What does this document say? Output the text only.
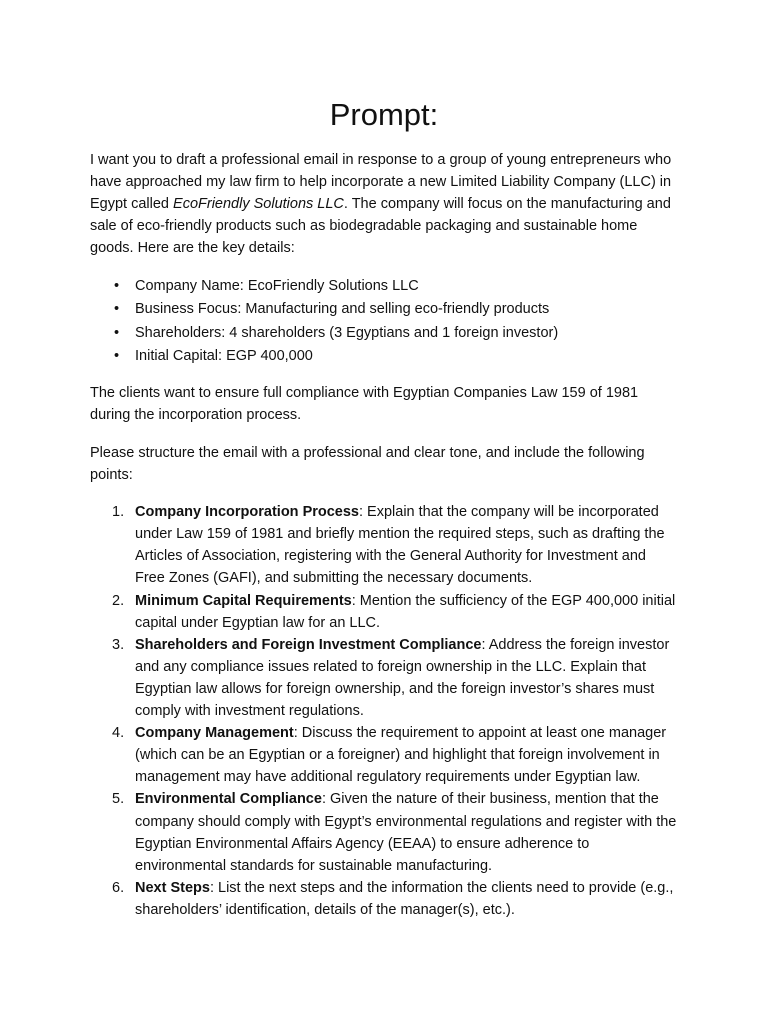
Prompt:

I want you to draft a professional email in response to a group of young entrepreneurs who have approached my law firm to help incorporate a new Limited Liability Company (LLC) in Egypt called EcoFriendly Solutions LLC. The company will focus on the manufacturing and sale of eco-friendly products such as biodegradable packaging and sustainable home goods. Here are the key details:

• Company Name: EcoFriendly Solutions LLC
• Business Focus: Manufacturing and selling eco-friendly products
• Shareholders: 4 shareholders (3 Egyptians and 1 foreign investor)
• Initial Capital: EGP 400,000

The clients want to ensure full compliance with Egyptian Companies Law 159 of 1981 during the incorporation process.

Please structure the email with a professional and clear tone, and include the following points:

1. Company Incorporation Process: Explain that the company will be incorporated under Law 159 of 1981 and briefly mention the required steps, such as drafting the Articles of Association, registering with the General Authority for Investment and Free Zones (GAFI), and submitting the necessary documents.
2. Minimum Capital Requirements: Mention the sufficiency of the EGP 400,000 initial capital under Egyptian law for an LLC.
3. Shareholders and Foreign Investment Compliance: Address the foreign investor and any compliance issues related to foreign ownership in the LLC. Explain that Egyptian law allows for foreign ownership, and the foreign investor’s shares must comply with investment regulations.
4. Company Management: Discuss the requirement to appoint at least one manager (which can be an Egyptian or a foreigner) and highlight that foreign involvement in management may have additional regulatory requirements under Egyptian law.
5. Environmental Compliance: Given the nature of their business, mention that the company should comply with Egypt’s environmental regulations and register with the Egyptian Environmental Affairs Agency (EEAA) to ensure adherence to environmental standards for sustainable manufacturing.
6. Next Steps: List the next steps and the information the clients need to provide (e.g., shareholders’ identification, details of the manager(s), etc.).
